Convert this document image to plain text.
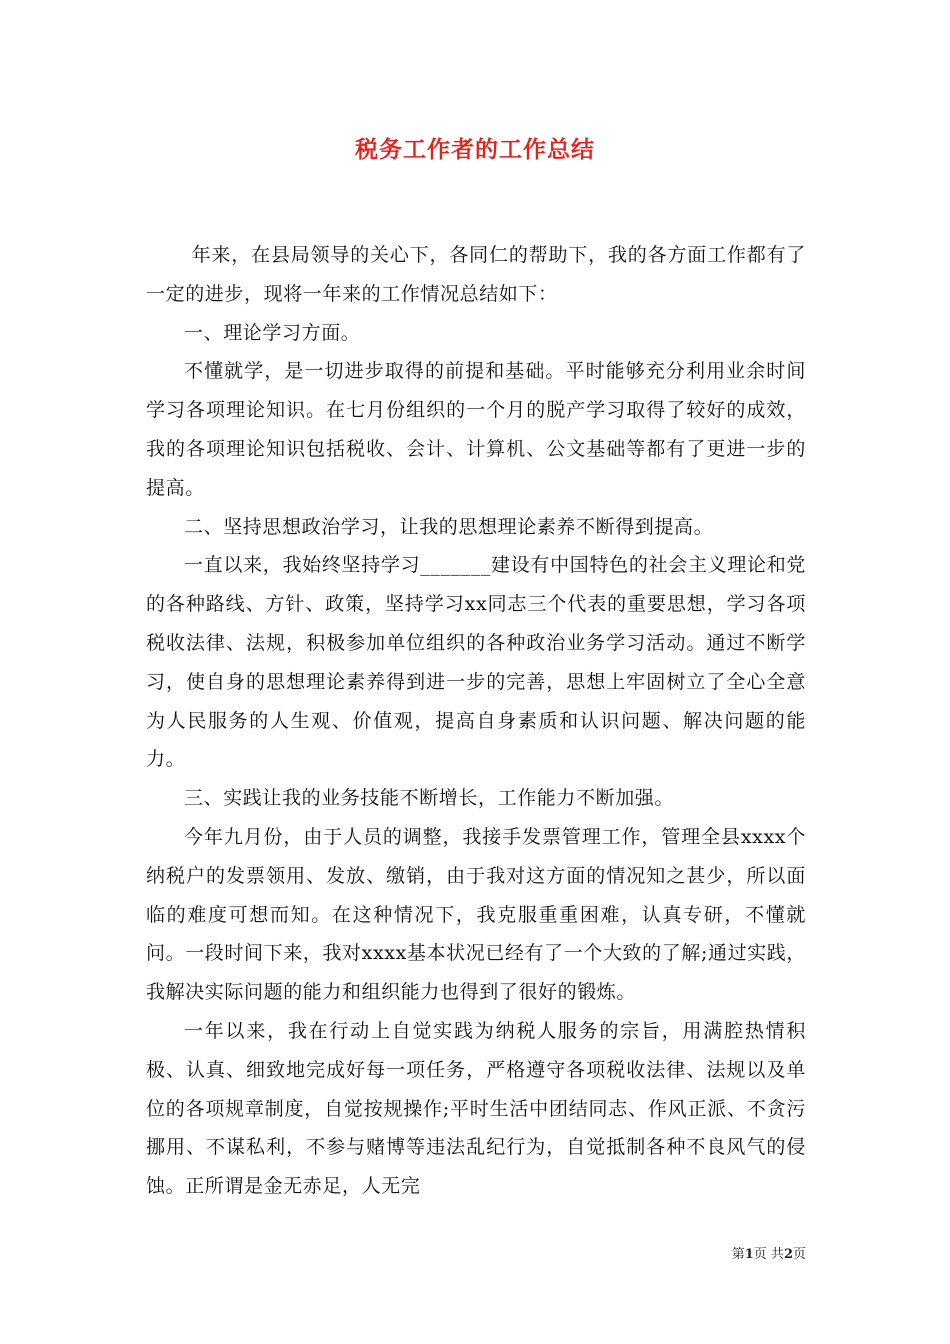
税务工作者的工作总结

年来，在县局领导的关心下，各同仁的帮助下，我的各方面工作都有了一定的进步，现将一年来的工作情况总结如下：

一、理论学习方面。

不懂就学，是一切进步取得的前提和基础。平时能够充分利用业余时间学习各项理论知识。在七月份组织的一个月的脱产学习取得了较好的成效，我的各项理论知识包括税收、会计、计算机、公文基础等都有了更进一步的提高。

二、坚持思想政治学习，让我的思想理论素养不断得到提高。

一直以来，我始终坚持学习_______建设有中国特色的社会主义理论和党的各种路线、方针、政策，坚持学习xx同志三个代表的重要思想，学习各项税收法律、法规，积极参加单位组织的各种政治业务学习活动。通过不断学习，使自身的思想理论素养得到进一步的完善，思想上牢固树立了全心全意为人民服务的人生观、价值观，提高自身素质和认识问题、解决问题的能力。

三、实践让我的业务技能不断增长，工作能力不断加强。

今年九月份，由于人员的调整，我接手发票管理工作，管理全县xxxx个纳税户的发票领用、发放、缴销，由于我对这方面的情况知之甚少，所以面临的难度可想而知。在这种情况下，我克服重重困难，认真专研，不懂就问。一段时间下来，我对xxxx基本状况已经有了一个大致的了解;通过实践，我解决实际问题的能力和组织能力也得到了很好的锻炼。

一年以来，我在行动上自觉实践为纳税人服务的宗旨，用满腔热情积极、认真、细致地完成好每一项任务，严格遵守各项税收法律、法规以及单位的各项规章制度，自觉按规操作;平时生活中团结同志、作风正派、不贪污挪用、不谋私利，不参与赌博等违法乱纪行为，自觉抵制各种不良风气的侵蚀。正所谓是金无赤足，人无完

第1页 共2页
